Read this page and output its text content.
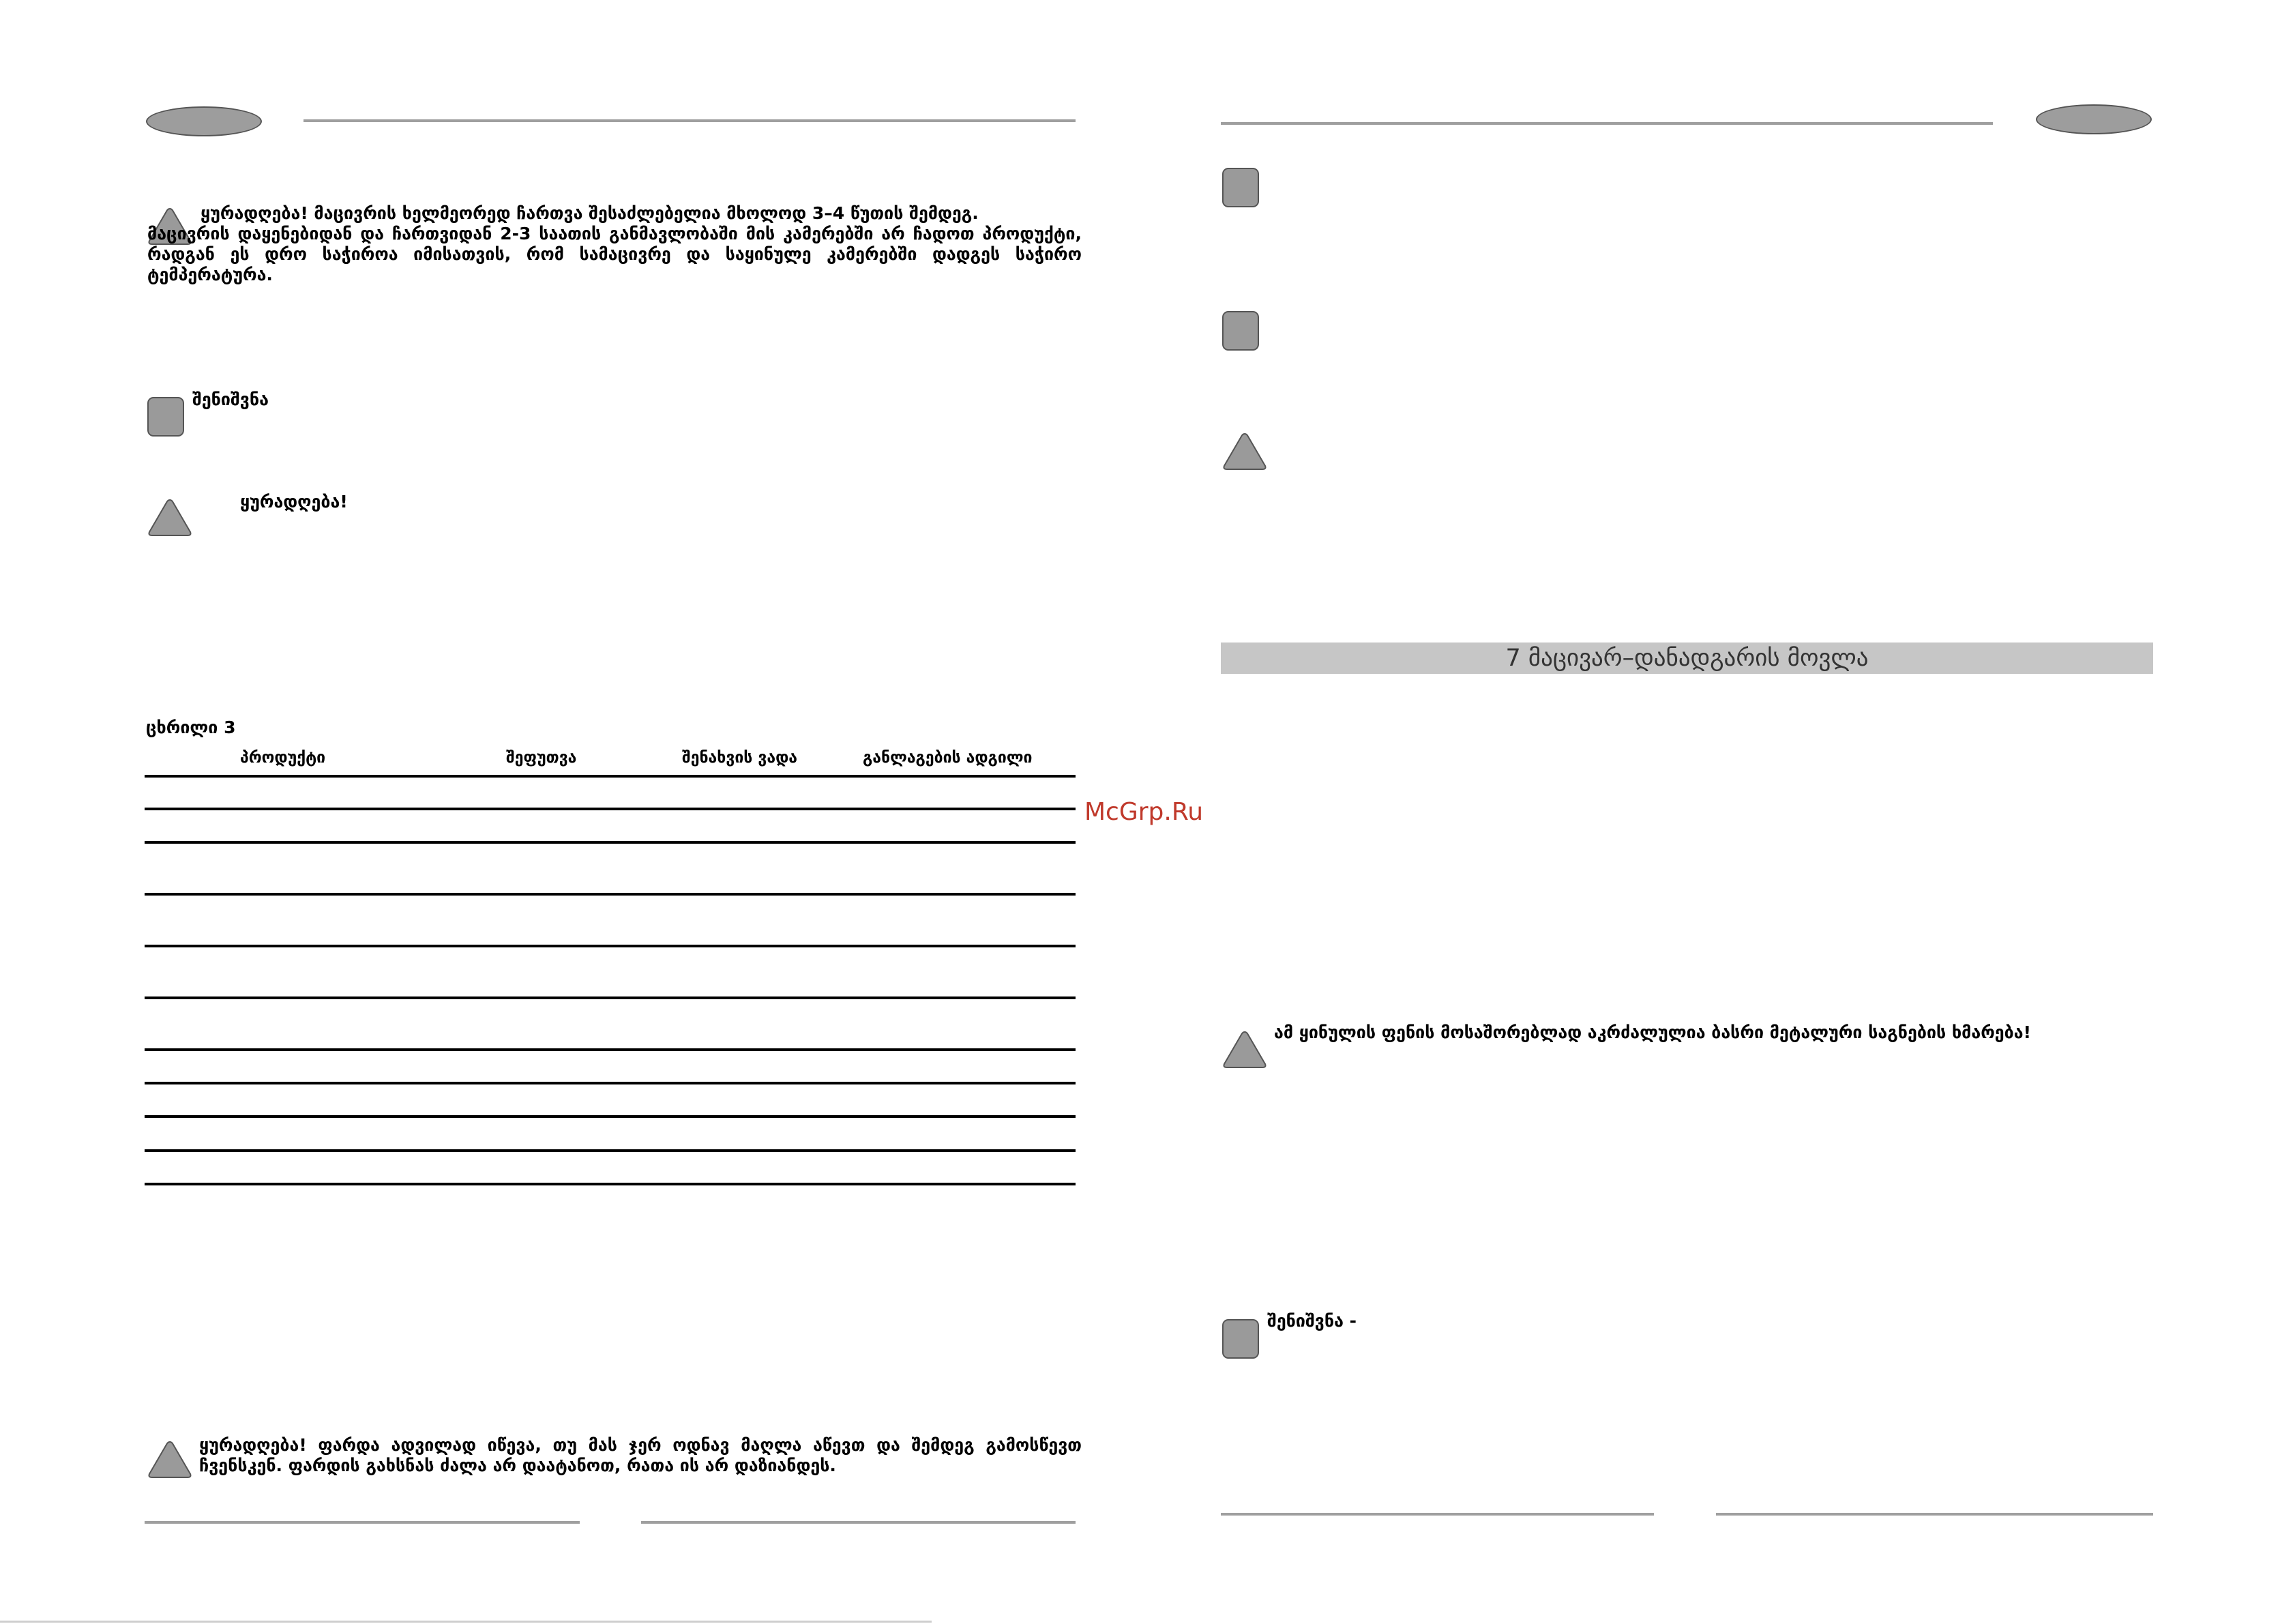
ყურადღება! მაცივრის ხელმეორედ ჩართვა შესაძლებელია მხოლოდ 3–4 წუთის შემდეგ.
მაცივრის დაყენებიდან და ჩართვიდან 2-3 საათის განმავლობაში მის კამერებში არ ჩადოთ პროდუქტი, რადგან ეს დრო საჭიროა იმისათვის, რომ სამაცივრე და საყინულე კამერებში დადგეს საჭირო ტემპერატურა.
შენიშვნა
ყურადღება!
ცხრილი 3
პროდუქტი	შეფუთვა	შენახვის ვადა	განლაგების ადგილი
ყურადღება! ფარდა ადვილად იწევა, თუ მას ჯერ ოდნავ მაღლა აწევთ და შემდეგ გამოსწევთ ჩვენსკენ. ფარდის გახსნას ძალა არ დაატანოთ, რათა ის არ დაზიანდეს.
7 მაცივარ–დანადგარის მოვლა
ამ ყინულის ფენის მოსაშორებლად აკრძალულია ბასრი მეტალური საგნების ხმარება!
შენიშვნა -
McGrp.Ru
